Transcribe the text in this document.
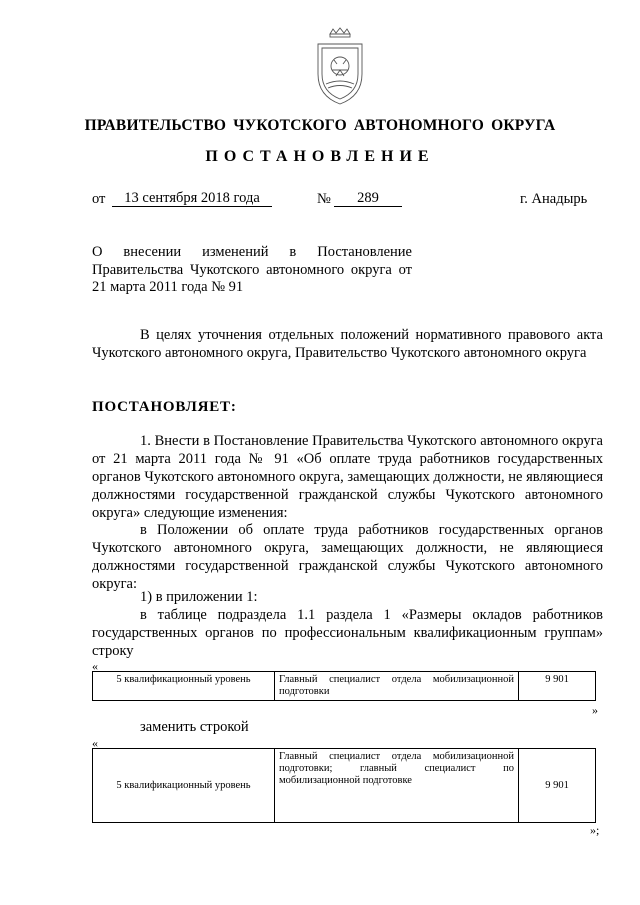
ПРАВИТЕЛЬСТВО ЧУКОТСКОГО АВТОНОМНОГО ОКРУГА
ПОСТАНОВЛЕНИЕ
от	13 сентября 2018 года	№	289	г. Анадырь
О внесении изменений в Постановление Правительства Чукотского автономного округа от 21 марта 2011 года № 91
В целях уточнения отдельных положений нормативного правового акта Чукотского автономного округа, Правительство Чукотского автономного округа
ПОСТАНОВЛЯЕТ:
1. Внести в Постановление Правительства Чукотского автономного округа от 21 марта 2011 года № 91 «Об оплате труда работников государственных органов Чукотского автономного округа, замещающих должности, не являющиеся должностями государственной гражданской службы Чукотского автономного округа» следующие изменения:
в Положении об оплате труда работников государственных органов Чукотского автономного округа, замещающих должности, не являющиеся должностями государственной гражданской службы Чукотского автономного округа:
1) в приложении 1:
в таблице подраздела 1.1 раздела 1 «Размеры окладов работников государственных органов по профессиональным квалификационным группам» строку
«
5 квалификационный уровень	Главный специалист отдела мобилизационной подготовки	9 901
»
заменить строкой
«
5 квалификационный уровень	Главный специалист отдела мобилизационной подготовки; главный специалист по мобилизационной подготовке	9 901
»;
